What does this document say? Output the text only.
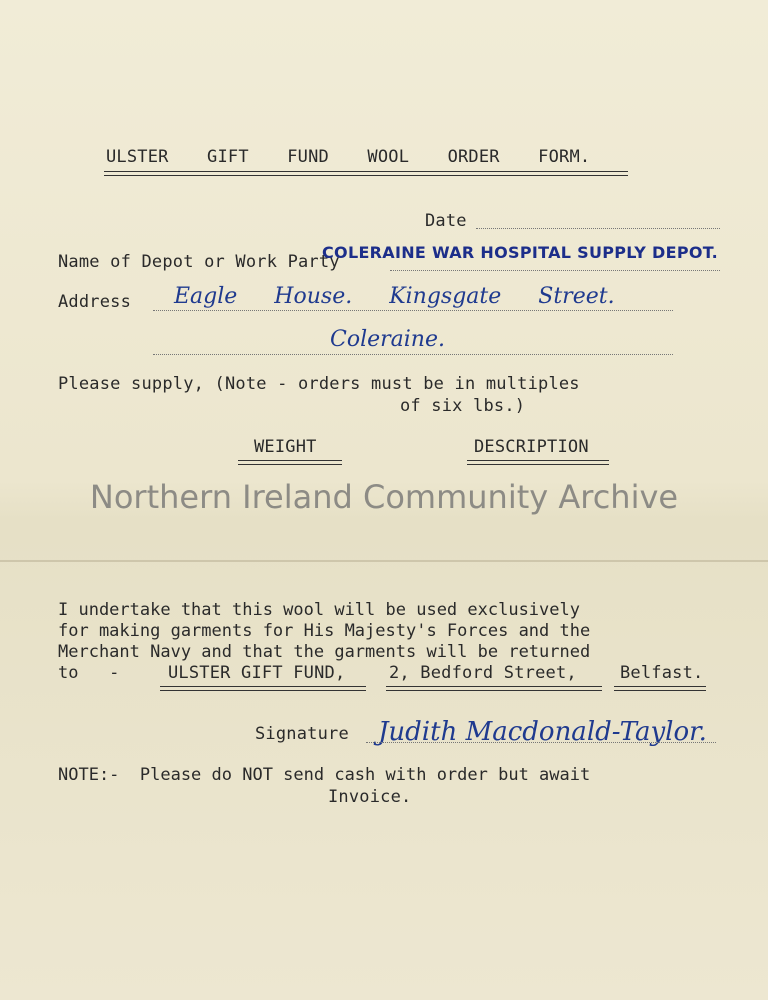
ULSTER GIFT FUND WOOL ORDER FORM.
Date
Name of Depot or Work Party
COLERAINE WAR HOSPITAL SUPPLY DEPOT.
Address Eagle House. Kingsgate Street.
Coleraine.
Please supply, (Note - orders must be in multiples
of six lbs.)
WEIGHT	DESCRIPTION
Northern Ireland Community Archive
I undertake that this wool will be used exclusively
for making garments for His Majesty's Forces and the
Merchant Navy and that the garments will be returned
to   -	ULSTER GIFT FUND,	2, Bedford Street,	Belfast.
Signature Judith Macdonald-Taylor.
NOTE:-  Please do NOT send cash with order but await
Invoice.
